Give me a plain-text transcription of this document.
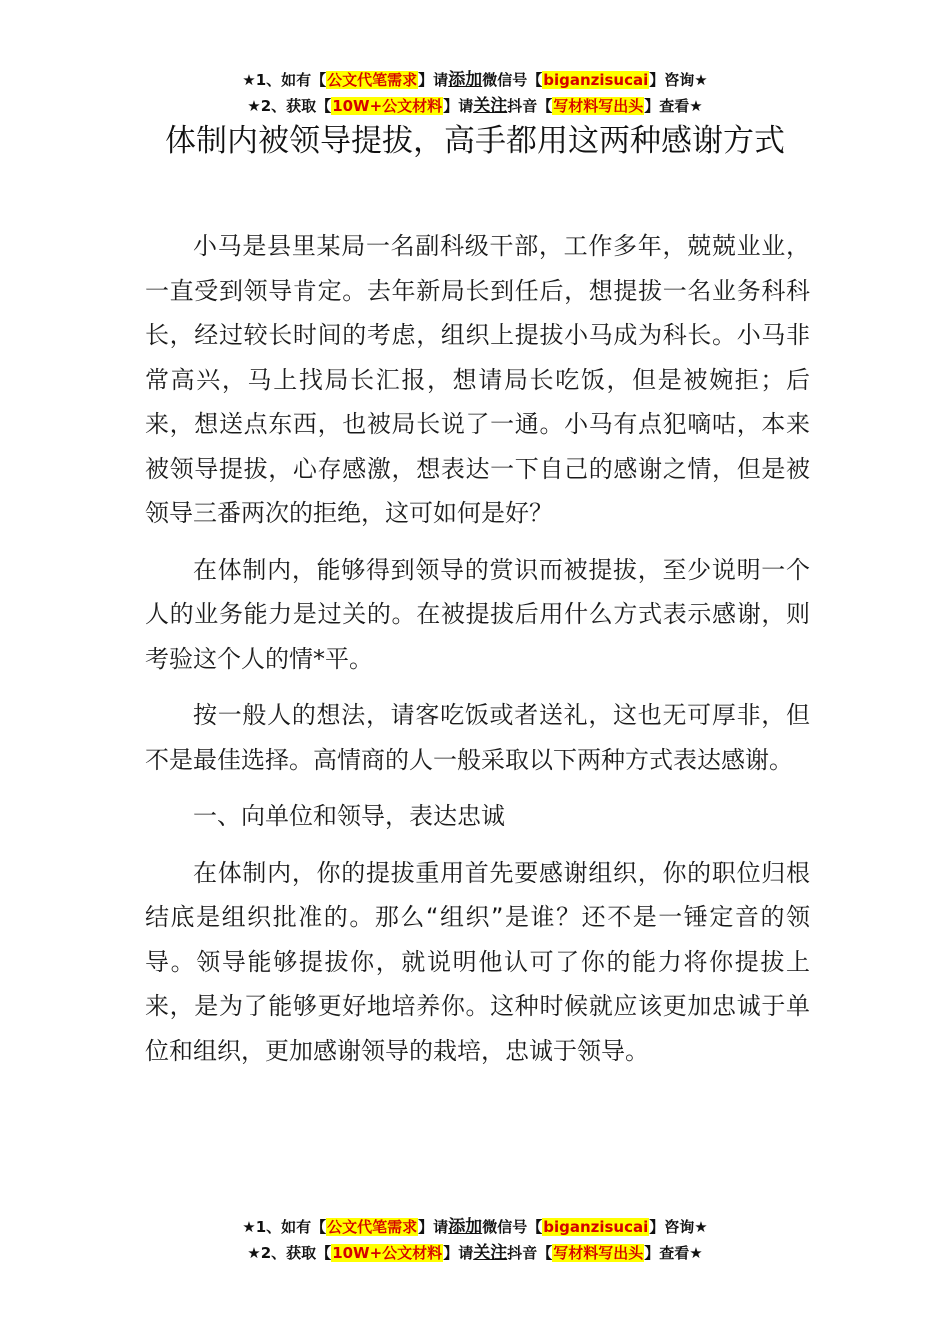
★1、如有【公文代笔需求】请添加微信号【biganzisucai】咨询★
★2、获取【10W+公文材料】请关注抖音【写材料写出头】查看★
体制内被领导提拔，高手都用这两种感谢方式

小马是县里某局一名副科级干部，工作多年，兢兢业业，一直受到领导肯定。去年新局长到任后，想提拔一名业务科科长，经过较长时间的考虑，组织上提拔小马成为科长。小马非常高兴，马上找局长汇报，想请局长吃饭，但是被婉拒；后来，想送点东西，也被局长说了一通。小马有点犯嘀咕，本来被领导提拔，心存感激，想表达一下自己的感谢之情，但是被领导三番两次的拒绝，这可如何是好？

在体制内，能够得到领导的赏识而被提拔，至少说明一个人的业务能力是过关的。在被提拔后用什么方式表示感谢，则考验这个人的情*平。

按一般人的想法，请客吃饭或者送礼，这也无可厚非，但不是最佳选择。高情商的人一般采取以下两种方式表达感谢。

一、向单位和领导，表达忠诚

在体制内，你的提拔重用首先要感谢组织，你的职位归根结底是组织批准的。那么“组织”是谁？还不是一锤定音的领导。领导能够提拔你，就说明他认可了你的能力将你提拔上来，是为了能够更好地培养你。这种时候就应该更加忠诚于单位和组织，更加感谢领导的栽培，忠诚于领导。

★1、如有【公文代笔需求】请添加微信号【biganzisucai】咨询★
★2、获取【10W+公文材料】请关注抖音【写材料写出头】查看★
